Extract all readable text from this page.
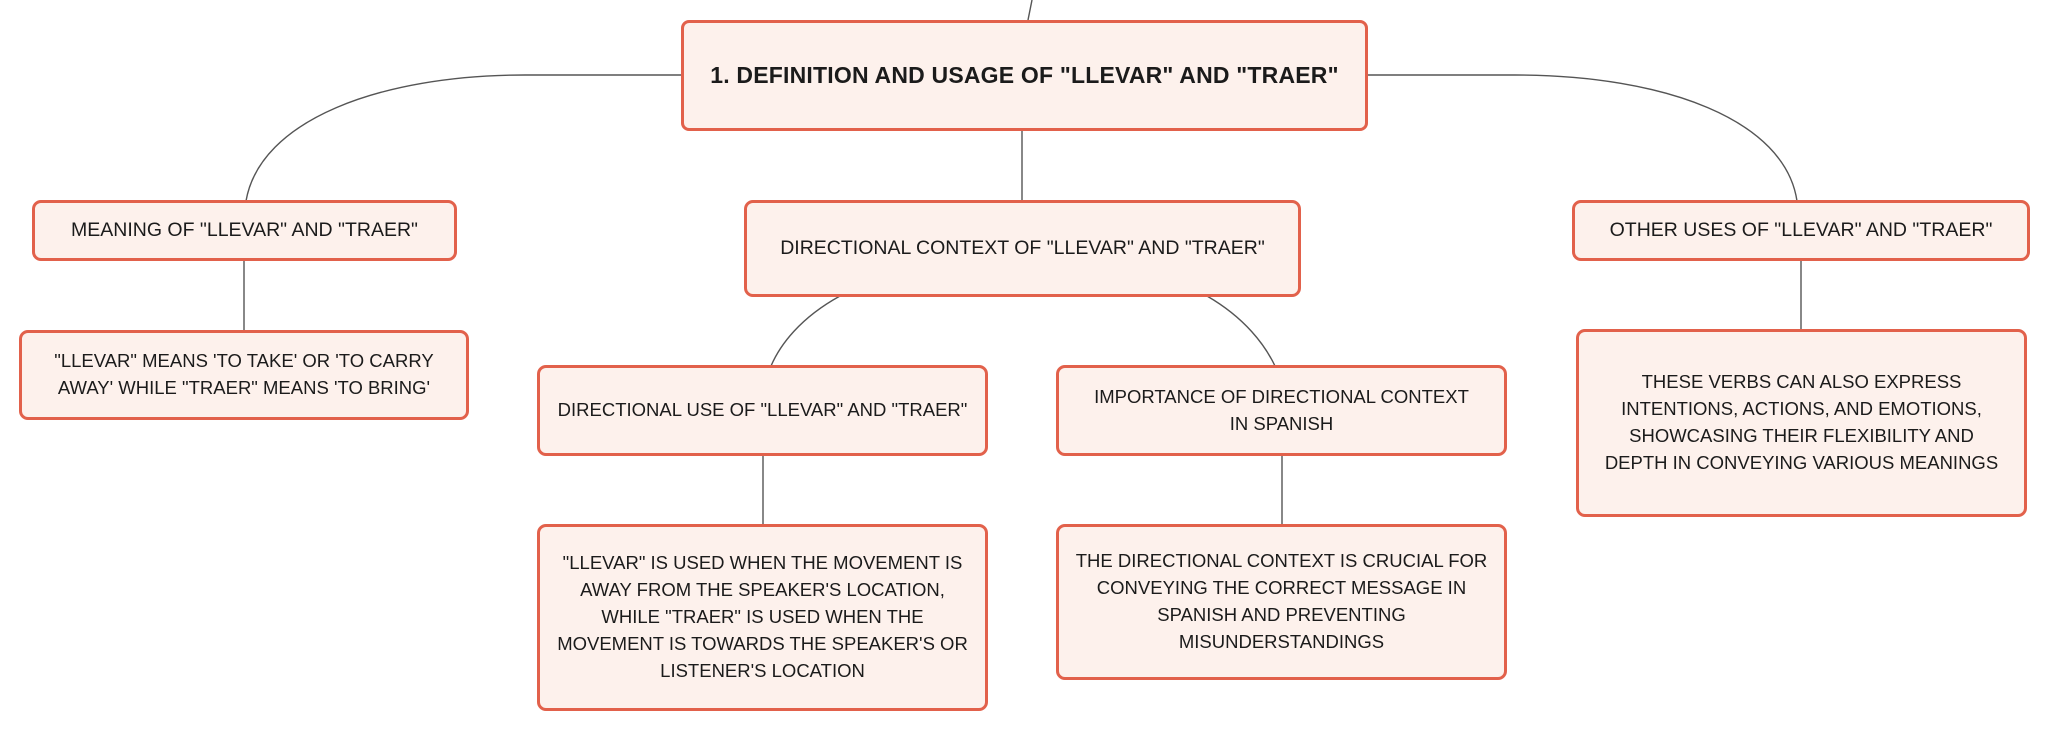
1. DEFINITION AND USAGE OF "LLEVAR" AND "TRAER"
MEANING OF "LLEVAR" AND "TRAER"
DIRECTIONAL CONTEXT OF "LLEVAR" AND "TRAER"
OTHER USES OF "LLEVAR" AND "TRAER"
"LLEVAR" MEANS 'TO TAKE' OR 'TO CARRY AWAY' WHILE "TRAER" MEANS 'TO BRING'
DIRECTIONAL USE OF "LLEVAR" AND "TRAER"
IMPORTANCE OF DIRECTIONAL CONTEXT IN SPANISH
THESE VERBS CAN ALSO EXPRESS INTENTIONS, ACTIONS, AND EMOTIONS, SHOWCASING THEIR FLEXIBILITY AND DEPTH IN CONVEYING VARIOUS MEANINGS
"LLEVAR" IS USED WHEN THE MOVEMENT IS AWAY FROM THE SPEAKER'S LOCATION, WHILE "TRAER" IS USED WHEN THE MOVEMENT IS TOWARDS THE SPEAKER'S OR LISTENER'S LOCATION
THE DIRECTIONAL CONTEXT IS CRUCIAL FOR CONVEYING THE CORRECT MESSAGE IN SPANISH AND PREVENTING MISUNDERSTANDINGS
